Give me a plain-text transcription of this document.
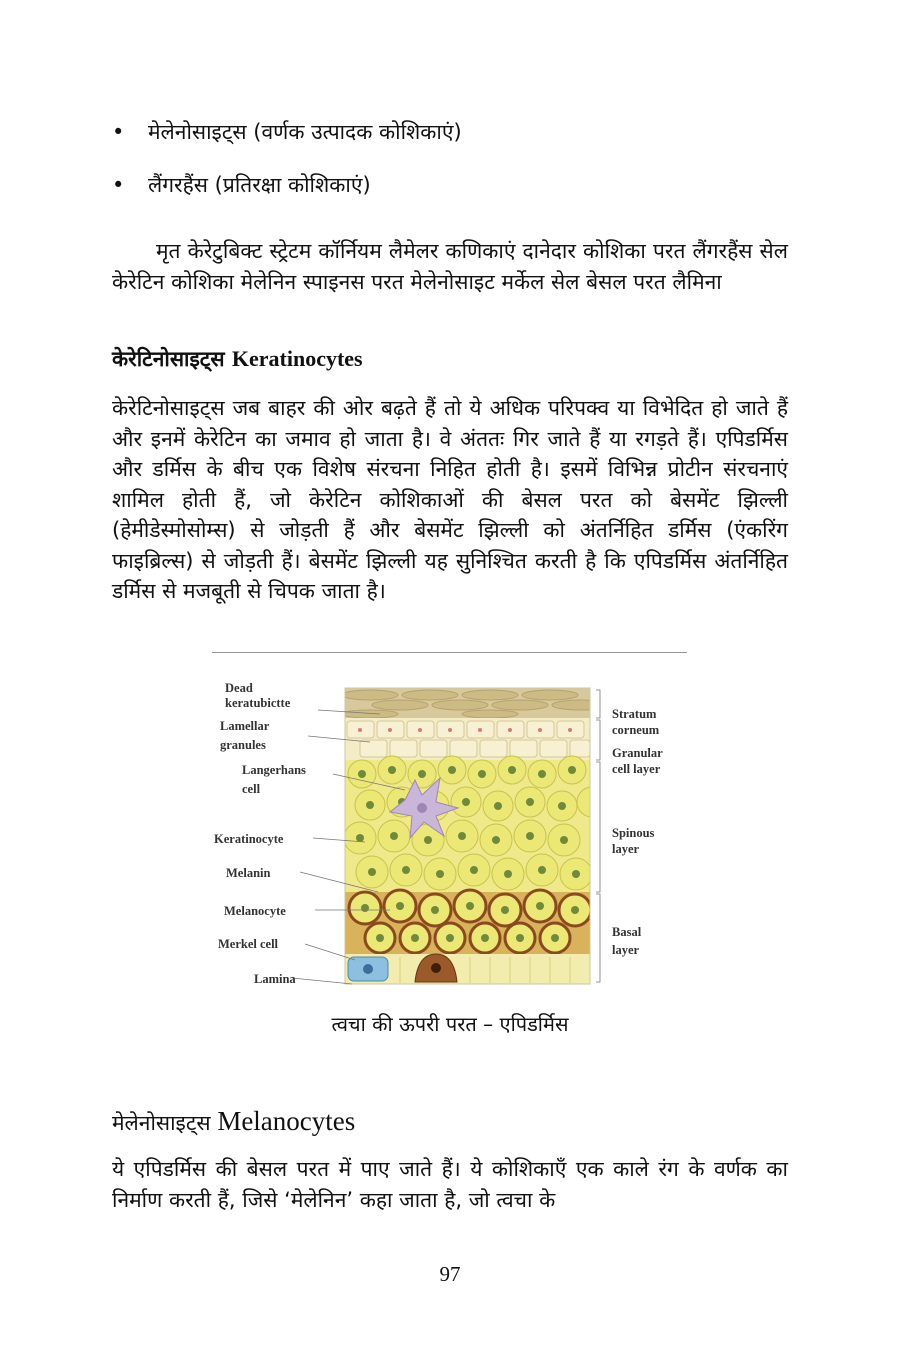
• मेलेनोसाइट्स (वर्णक उत्पादक कोशिकाएं)
• लैंगरहैंस (प्रतिरक्षा कोशिकाएं)

मृत केरेटुबिक्ट स्ट्रेटम कॉर्नियम लैमेलर कणिकाएं दानेदार कोशिका परत लैंगरहैंस सेल केरेटिन कोशिका मेलेनिन स्पाइनस परत मेलेनोसाइट मर्केल सेल बेसल परत लैमिना

केरेटिनोसाइट्स Keratinocytes

केरेटिनोसाइट्स जब बाहर की ओर बढ़ते हैं तो ये अधिक परिपक्व या विभेदित हो जाते हैं और इनमें केरेटिन का जमाव हो जाता है। वे अंततः गिर जाते हैं या रगड़ते हैं। एपिडर्मिस और डर्मिस के बीच एक विशेष संरचना निहित होती है। इसमें विभिन्न प्रोटीन संरचनाएं शामिल होती हैं, जो केरेटिन कोशिकाओं की बेसल परत को बेसमेंट झिल्ली (हेमीडेस्मोसोम्स) से जोड़ती हैं और बेसमेंट झिल्ली को अंतर्निहित डर्मिस (एंकरिंग फाइब्रिल्स) से जोड़ती हैं। बेसमेंट झिल्ली यह सुनिश्चित करती है कि एपिडर्मिस अंतर्निहित डर्मिस से मजबूती से चिपक जाता है।

Dead keratubictte
Lamellar granules
Langerhans cell
Keratinocyte
Melanin
Melanocyte
Merkel cell
Lamina
Stratum corneum
Granular cell layer
Spinous layer
Basal layer
त्वचा की ऊपरी परत – एपिडर्मिस
मेलेनोसाइट्स Melanocytes

ये एपिडर्मिस की बेसल परत में पाए जाते हैं। ये कोशिकाएँ एक काले रंग के वर्णक का निर्माण करती हैं, जिसे ‘मेलेनिन’ कहा जाता है, जो त्वचा के

97
